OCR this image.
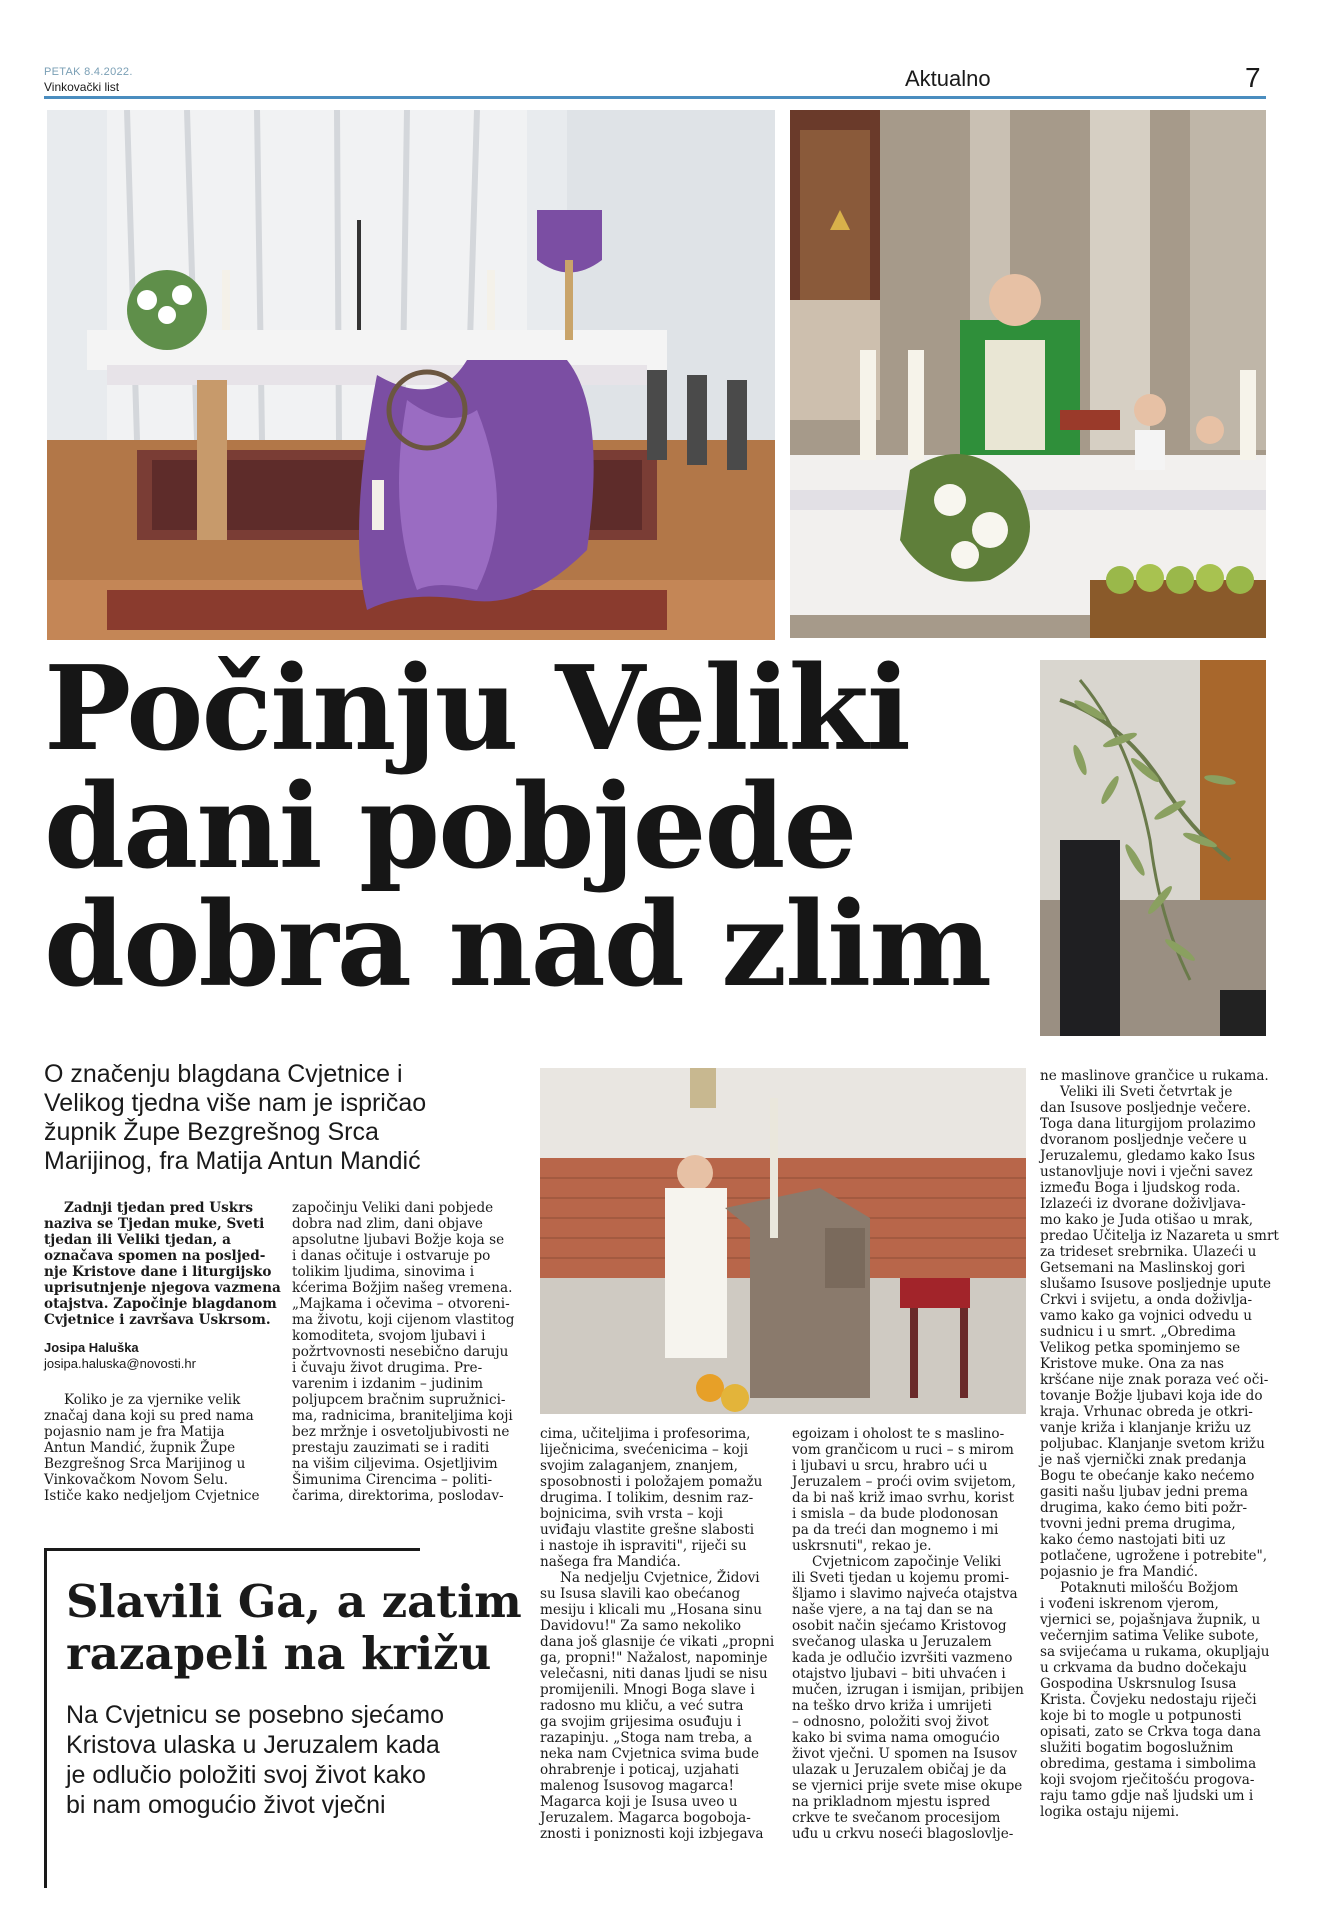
PETAK 8.4.2022.
Vinkovački list	Aktualno	7
Počinju Veliki
dani pobjede
dobra nad zlim
O značenju blagdana Cvjetnice i
Velikog tjedna više nam je ispričao
župnik Župe Bezgrešnog Srca
Marijinog, fra Matija Antun Mandić
Zadnji tjedan pred Uskrs
naziva se Tjedan muke, Sveti
tjedan ili Veliki tjedan, a
označava spomen na posljed-
nje Kristove dane i liturgijsko
uprisutnjenje njegova vazmena
otajstva. Započinje blagdanom
Cvjetnice i završava Uskrsom.
Josipa Haluška
josipa.haluska@novosti.hr
Koliko je za vjernike velik
značaj dana koji su pred nama
pojasnio nam je fra Matija
Antun Mandić, župnik Župe
Bezgrešnog Srca Marijinog u
Vinkovačkom Novom Selu.
Ističe kako nedjeljom Cvjetnice
započinju Veliki dani pobjede
dobra nad zlim, dani objave
apsolutne ljubavi Božje koja se
i danas očituje i ostvaruje po
tolikim ljudima, sinovima i
kćerima Božjim našeg vremena.
„Majkama i očevima – otvoreni-
ma životu, koji cijenom vlastitog
komoditeta, svojom ljubavi i
požrtvovnosti nesebično daruju
i čuvaju život drugima. Pre-
varenim i izdanim – judinim
poljupcem bračnim supružnici-
ma, radnicima, braniteljima koji
bez mržnje i osvetoljubivosti ne
prestaju zauzimati se i raditi
na višim ciljevima. Osjetljivim
Šimunima Cirencima – politi-
čarima, direktorima, poslodav-
cima, učiteljima i profesorima,
liječnicima, svećenicima – koji
svojim zalaganjem, znanjem,
sposobnosti i položajem pomažu
drugima. I tolikim, desnim raz-
bojnicima, svih vrsta – koji
uviđaju vlastite grešne slabosti
i nastoje ih ispraviti", riječi su
našega fra Mandića.
Na nedjelju Cvjetnice, Židovi
su Isusa slavili kao obećanog
mesiju i klicali mu „Hosana sinu
Davidovu!" Za samo nekoliko
dana još glasnije će vikati „propni
ga, propni!" Nažalost, napominje
velečasni, niti danas ljudi se nisu
promijenili. Mnogi Boga slave i
radosno mu kliču, a već sutra
ga svojim grijesima osuđuju i
razapinju. „Stoga nam treba, a
neka nam Cvjetnica svima bude
ohrabrenje i poticaj, uzjahati
malenog Isusovog magarca!
Magarca koji je Isusa uveo u
Jeruzalem. Magarca bogoboja-
znosti i poniznosti koji izbjegava
egoizam i oholost te s maslino-
vom grančicom u ruci – s mirom
i ljubavi u srcu, hrabro ući u
Jeruzalem – proći ovim svijetom,
da bi naš križ imao svrhu, korist
i smisla – da bude plodonosan
pa da treći dan mognemo i mi
uskrsnuti", rekao je.
Cvjetnicom započinje Veliki
ili Sveti tjedan u kojemu promi-
šljamo i slavimo najveća otajstva
naše vjere, a na taj dan se na
osobit način sjećamo Kristovog
svečanog ulaska u Jeruzalem
kada je odlučio izvršiti vazmeno
otajstvo ljubavi – biti uhvaćen i
mučen, izrugan i ismijan, pribijen
na teško drvo križa i umrijeti
– odnosno, položiti svoj život
kako bi svima nama omogućio
život vječni. U spomen na Isusov
ulazak u Jeruzalem običaj je da
se vjernici prije svete mise okupe
na prikladnom mjestu ispred
crkve te svečanom procesijom
uđu u crkvu noseći blagoslovlje-
ne maslinove grančice u rukama.
Veliki ili Sveti četvrtak je
dan Isusove posljednje večere.
Toga dana liturgijom prolazimo
dvoranom posljednje večere u
Jeruzalemu, gledamo kako Isus
ustanovljuje novi i vječni savez
između Boga i ljudskog roda.
Izlazeći iz dvorane doživljava-
mo kako je Juda otišao u mrak,
predao Učitelja iz Nazareta u smrt
za trideset srebrnika. Ulazeći u
Getsemani na Maslinskoj gori
slušamo Isusove posljednje upute
Crkvi i svijetu, a onda doživlja-
vamo kako ga vojnici odvedu u
sudnicu i u smrt. „Obredima
Velikog petka spominjemo se
Kristove muke. Ona za nas
kršćane nije znak poraza već oči-
tovanje Božje ljubavi koja ide do
kraja. Vrhunac obreda je otkri-
vanje križa i klanjanje križu uz
poljubac. Klanjanje svetom križu
je naš vjernički znak predanja
Bogu te obećanje kako nećemo
gasiti našu ljubav jedni prema
drugima, kako ćemo biti požr-
tvovni jedni prema drugima,
kako ćemo nastojati biti uz
potlačene, ugrožene i potrebite",
pojasnio je fra Mandić.
Potaknuti milošću Božjom
i vođeni iskrenom vjerom,
vjernici se, pojašnjava župnik, u
večernjim satima Velike subote,
sa svijećama u rukama, okupljaju
u crkvama da budno dočekaju
Gospodina Uskrsnulog Isusa
Krista. Čovjeku nedostaju riječi
koje bi to mogle u potpunosti
opisati, zato se Crkva toga dana
služiti bogatim bogoslužnim
obredima, gestama i simbolima
koji svojom rječitošću progova-
raju tamo gdje naš ljudski um i
logika ostaju nijemi.
Slavili Ga, a zatim
razapeli na križu
Na Cvjetnicu se posebno sjećamo
Kristova ulaska u Jeruzalem kada
je odlučio položiti svoj život kako
bi nam omogućio život vječni
